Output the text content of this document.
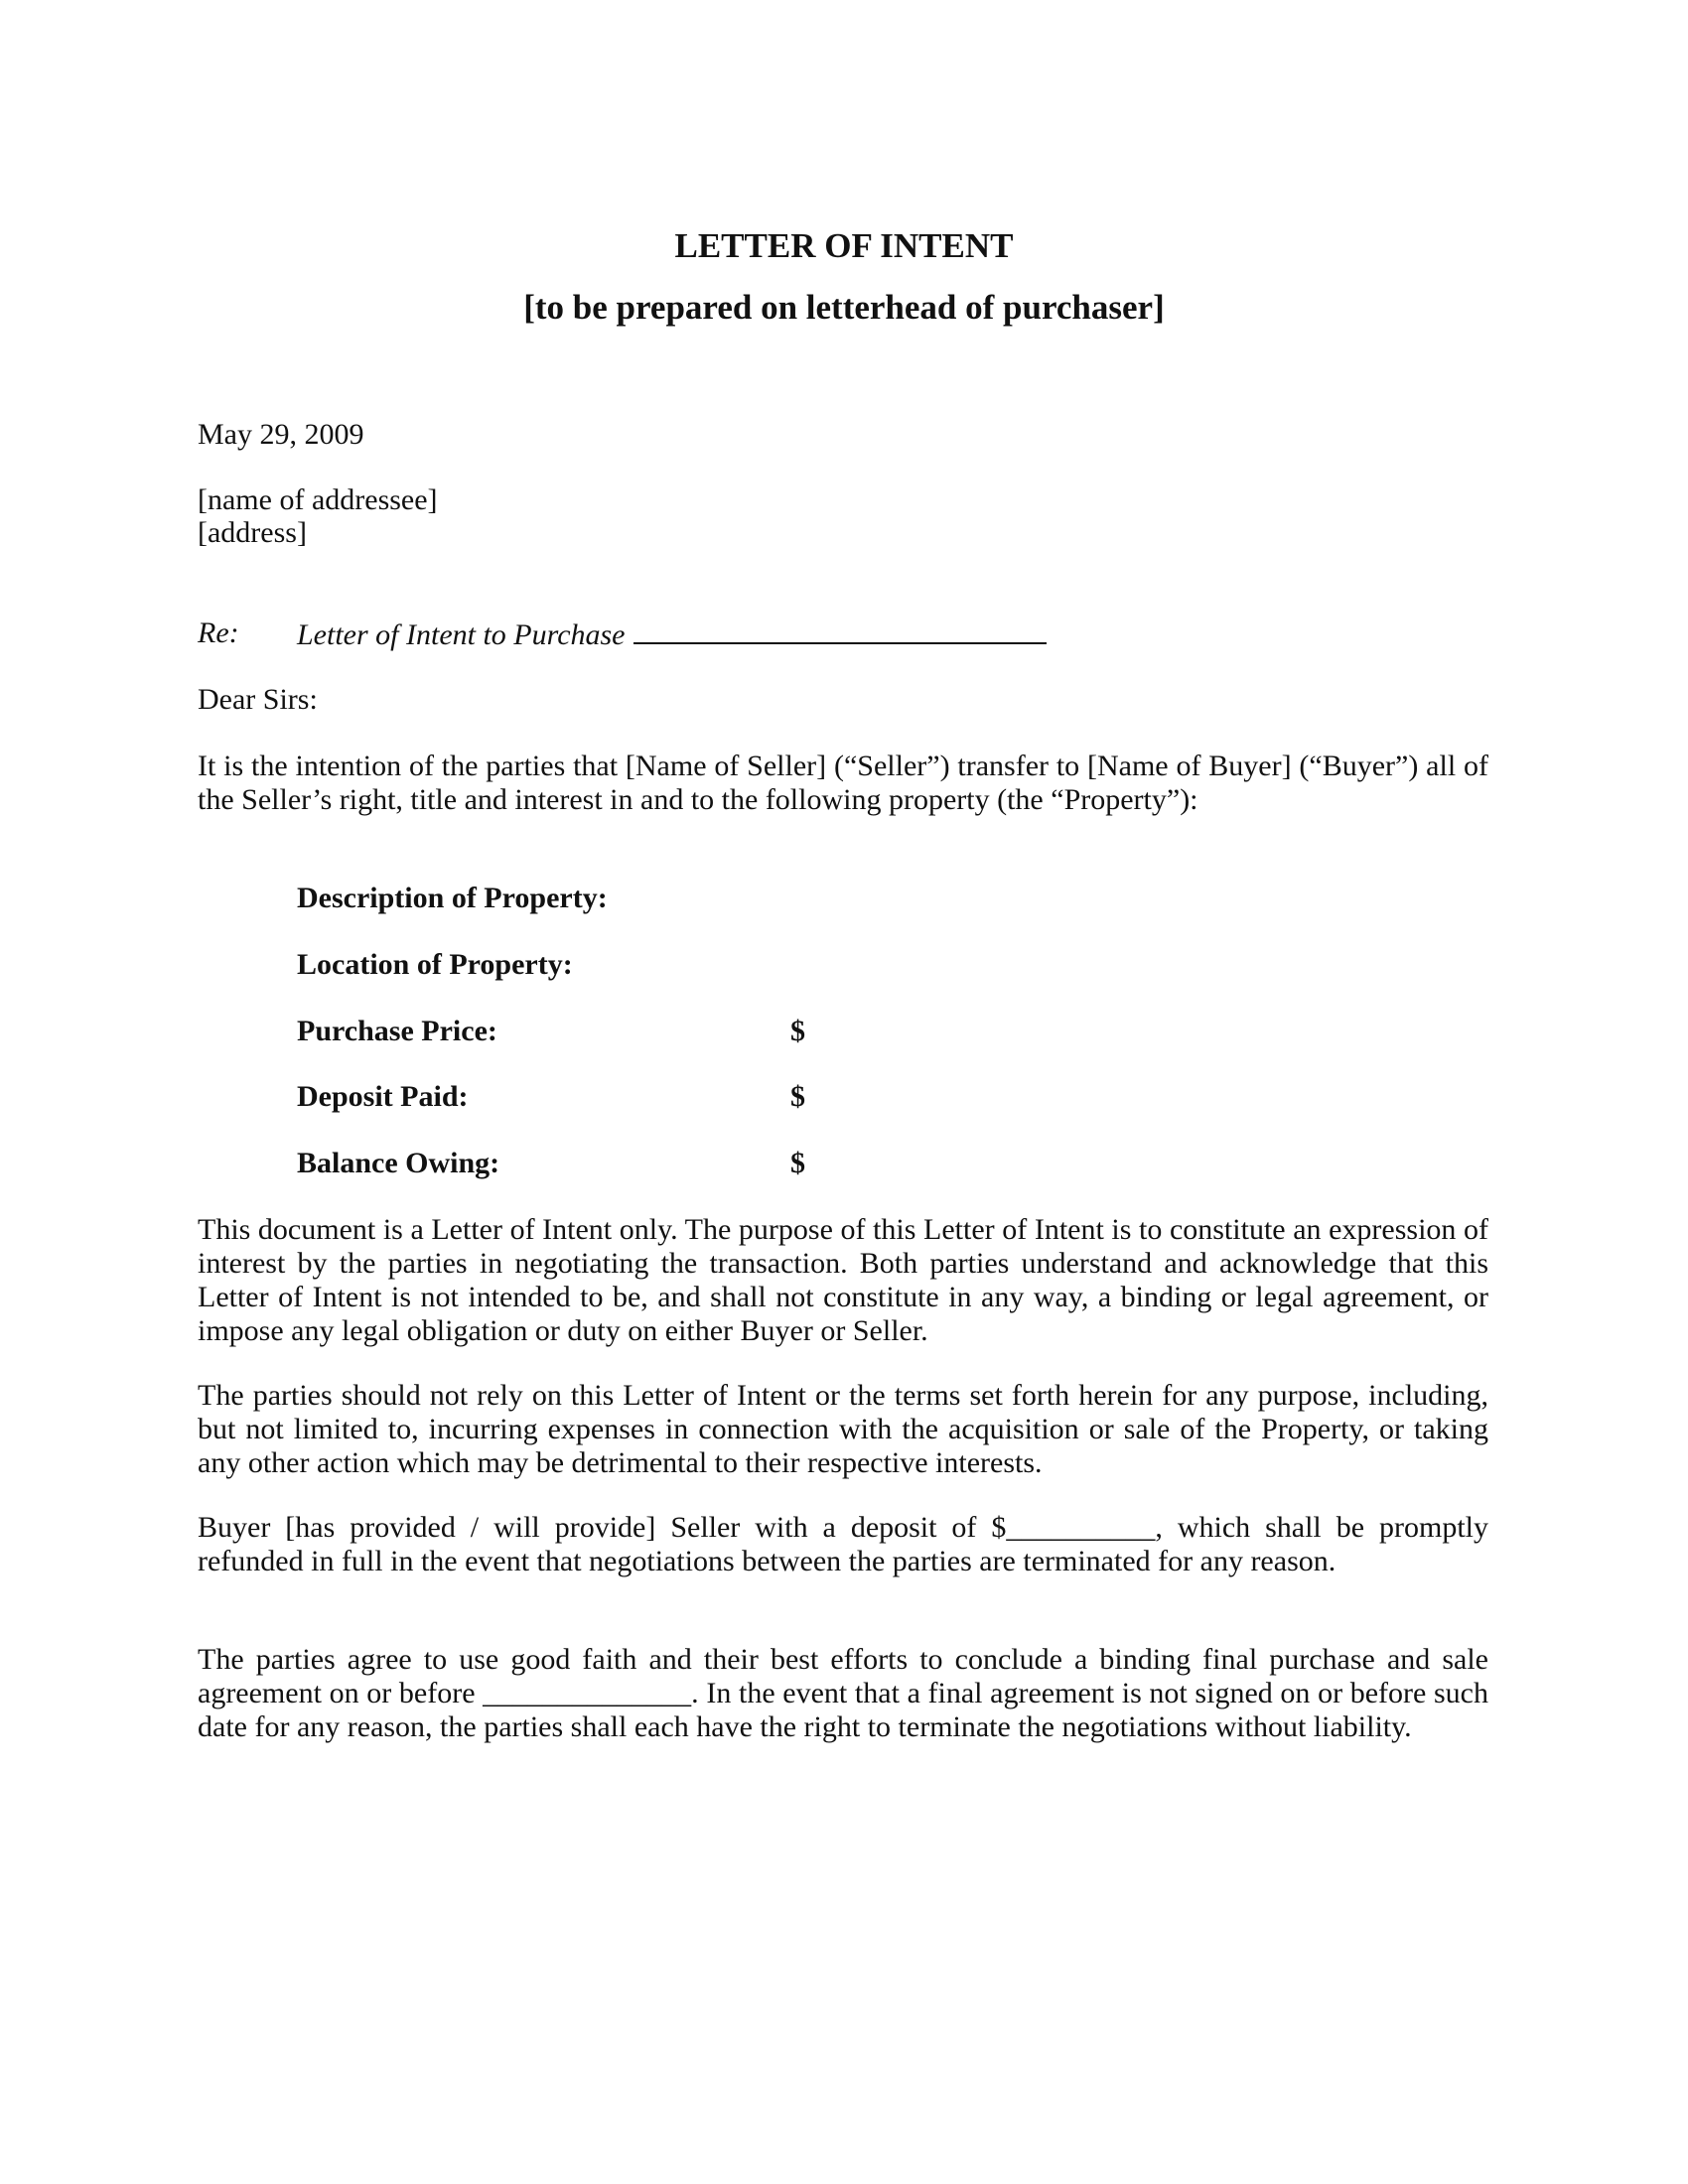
LETTER OF INTENT
[to be prepared on letterhead of purchaser]
May 29, 2009
[name of addressee]
[address]
Re: Letter of Intent to Purchase
Dear Sirs:
It is the intention of the parties that [Name of Seller] (“Seller”) transfer to [Name of Buyer] (“Buyer”) all of the Seller’s right, title and interest in and to the following property (the “Property”):
Description of Property:
Location of Property:
Purchase Price:	$
Deposit Paid:	$
Balance Owing:	$
This document is a Letter of Intent only. The purpose of this Letter of Intent is to constitute an expression of interest by the parties in negotiating the transaction. Both parties understand and acknowledge that this Letter of Intent is not intended to be, and shall not constitute in any way, a binding or legal agreement, or impose any legal obligation or duty on either Buyer or Seller.
The parties should not rely on this Letter of Intent or the terms set forth herein for any purpose, including, but not limited to, incurring expenses in connection with the acquisition or sale of the Property, or taking any other action which may be detrimental to their respective interests.
Buyer [has provided / will provide] Seller with a deposit of $__________, which shall be promptly refunded in full in the event that negotiations between the parties are terminated for any reason.
The parties agree to use good faith and their best efforts to conclude a binding final purchase and sale agreement on or before ______________. In the event that a final agreement is not signed on or before such date for any reason, the parties shall each have the right to terminate the negotiations without liability.
